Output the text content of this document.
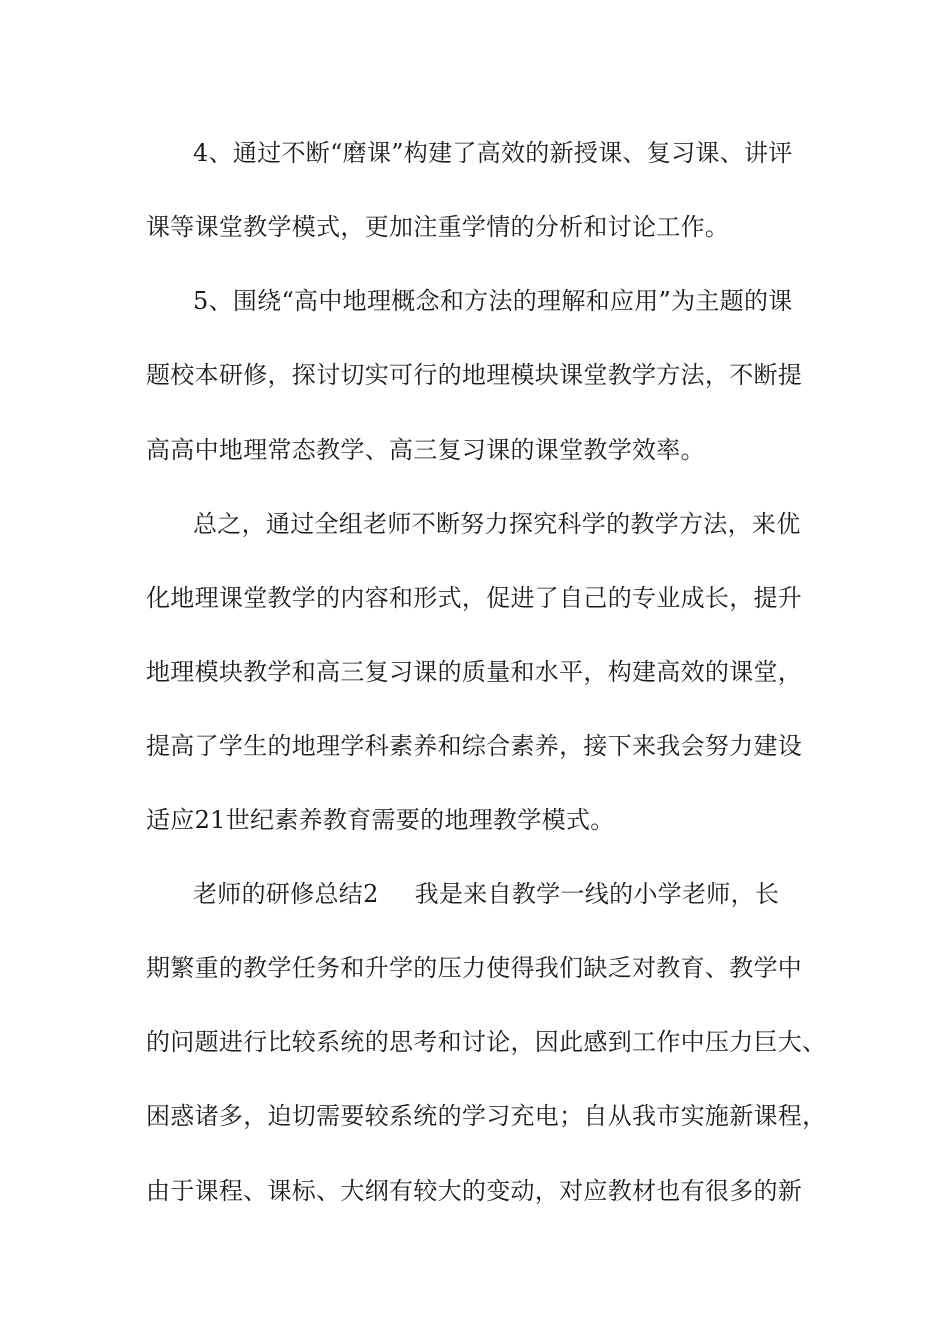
4、通过不断“磨课”构建了高效的新授课、复习课、讲评
课等课堂教学模式，更加注重学情的分析和讨论工作。
5、围绕“高中地理概念和方法的理解和应用”为主题的课
题校本研修，探讨切实可行的地理模块课堂教学方法，不断提
高高中地理常态教学、高三复习课的课堂教学效率。
总之，通过全组老师不断努力探究科学的教学方法，来优
化地理课堂教学的内容和形式，促进了自己的专业成长，提升
地理模块教学和高三复习课的质量和水平，构建高效的课堂，
提高了学生的地理学科素养和综合素养，接下来我会努力建设
适应21世纪素养教育需要的地理教学模式。
老师的研修总结2 我是来自教学一线的小学老师，长
期繁重的教学任务和升学的压力使得我们缺乏对教育、教学中
的问题进行比较系统的思考和讨论，因此感到工作中压力巨大、
困惑诸多，迫切需要较系统的学习充电；自从我市实施新课程，
由于课程、课标、大纲有较大的变动，对应教材也有很多的新
